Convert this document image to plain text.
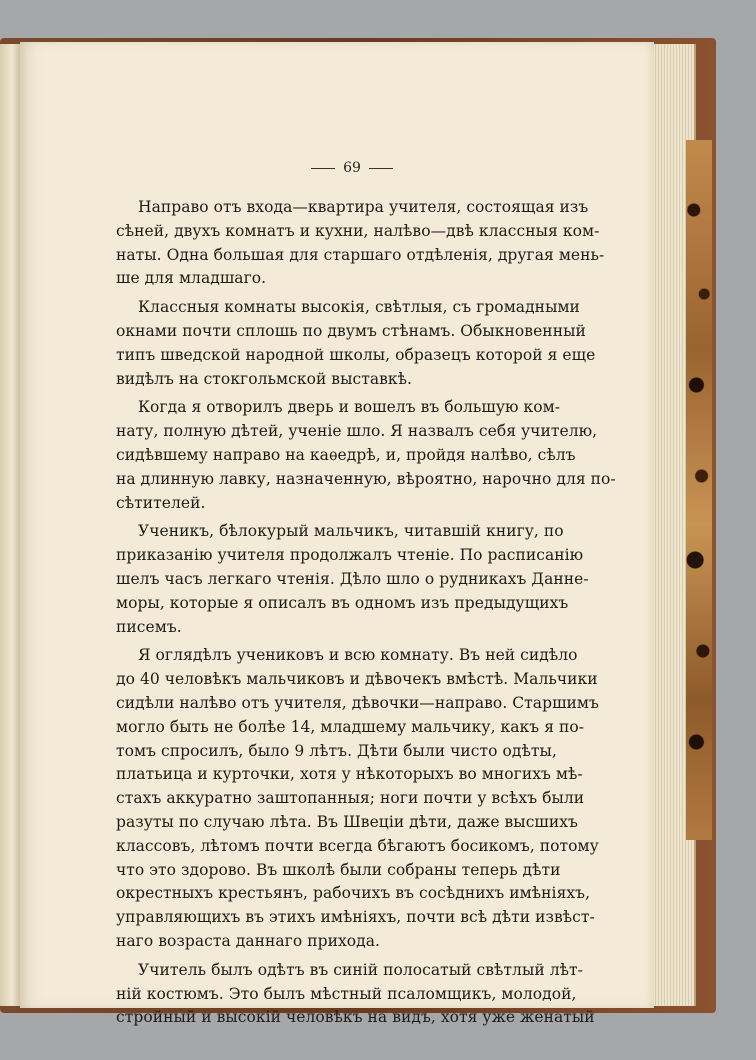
69
Направо отъ входа—квартира учителя, состоящая изъ
сѣней, двухъ комнатъ и кухни, налѣво—двѣ классныя ком-
наты. Одна большая для старшаго отдѣленія, другая мень-
ше для младшаго.
Классныя комнаты высокія, свѣтлыя, съ громадными
окнами почти сплошь по двумъ стѣнамъ. Обыкновенный
типъ шведской народной школы, образецъ которой я еще
видѣлъ на стокгольмской выставкѣ.
Когда я отворилъ дверь и вошелъ въ большую ком-
нату, полную дѣтей, ученіе шло. Я назвалъ себя учителю,
сидѣвшему направо на каѳедрѣ, и, пройдя налѣво, сѣлъ
на длинную лавку, назначенную, вѣроятно, нарочно для по-
сѣтителей.
Ученикъ, бѣлокурый мальчикъ, читавшій книгу, по
приказанію учителя продолжалъ чтеніе. По расписанію
шелъ часъ легкаго чтенія. Дѣло шло о рудникахъ Даннe-
моры, которые я описалъ въ одномъ изъ предыдущихъ
писемъ.
Я оглядѣлъ учениковъ и всю комнату. Въ ней сидѣло
до 40 человѣкъ мальчиковъ и дѣвочекъ вмѣстѣ. Мальчики
сидѣли налѣво отъ учителя, дѣвочки—направо. Старшимъ
могло быть не болѣе 14, младшему мальчику, какъ я по-
томъ спросилъ, было 9 лѣтъ. Дѣти были чисто одѣты,
платьица и курточки, хотя у нѣкоторыхъ во многихъ мѣ-
стахъ аккуратно заштопанныя; ноги почти у всѣхъ были
разуты по случаю лѣта. Въ Швеціи дѣти, даже высшихъ
классовъ, лѣтомъ почти всегда бѣгаютъ босикомъ, потому
что это здорово. Въ школѣ были собраны теперь дѣти
окрестныхъ крестьянъ, рабочихъ въ сосѣднихъ имѣніяхъ,
управляющихъ въ этихъ имѣніяхъ, почти всѣ дѣти извѣст-
наго возраста даннаго прихода.
Учитель былъ одѣтъ въ синій полосатый свѣтлый лѣт-
ній костюмъ. Это былъ мѣстный псаломщикъ, молодой,
стройный и высокій человѣкъ на видъ, хотя уже женатый
